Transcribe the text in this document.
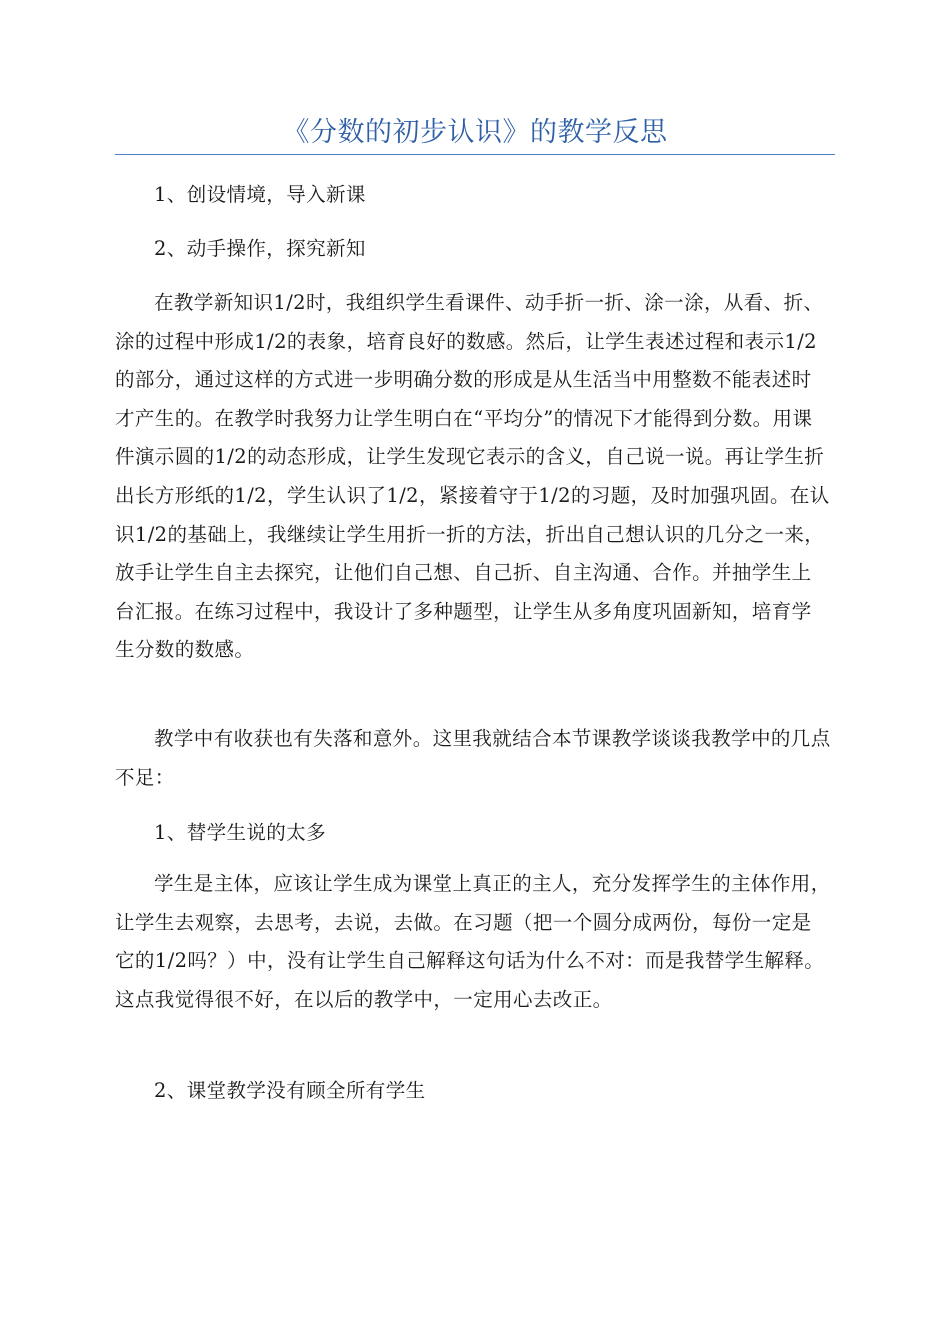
《分数的初步认识》的教学反思
1、创设情境，导入新课
2、动手操作，探究新知
在教学新知识1/2时，我组织学生看课件、动手折一折、涂一涂，从看、折、涂的过程中形成1/2的表象，培育良好的数感。然后，让学生表述过程和表示1/2的部分，通过这样的方式进一步明确分数的形成是从生活当中用整数不能表述时才产生的。在教学时我努力让学生明白在“平均分”的情况下才能得到分数。用课件演示圆的1/2的动态形成，让学生发现它表示的含义，自己说一说。再让学生折出长方形纸的1/2，学生认识了1/2，紧接着守于1/2的习题，及时加强巩固。在认识1/2的基础上，我继续让学生用折一折的方法，折出自己想认识的几分之一来，放手让学生自主去探究，让他们自己想、自己折、自主沟通、合作。并抽学生上台汇报。在练习过程中，我设计了多种题型，让学生从多角度巩固新知，培育学生分数的数感。
教学中有收获也有失落和意外。这里我就结合本节课教学谈谈我教学中的几点不足：
1、替学生说的太多
学生是主体，应该让学生成为课堂上真正的主人，充分发挥学生的主体作用，让学生去观察，去思考，去说，去做。在习题（把一个圆分成两份，每份一定是它的1/2吗？）中，没有让学生自己解释这句话为什么不对：而是我替学生解释。这点我觉得很不好，在以后的教学中，一定用心去改正。
2、课堂教学没有顾全所有学生
